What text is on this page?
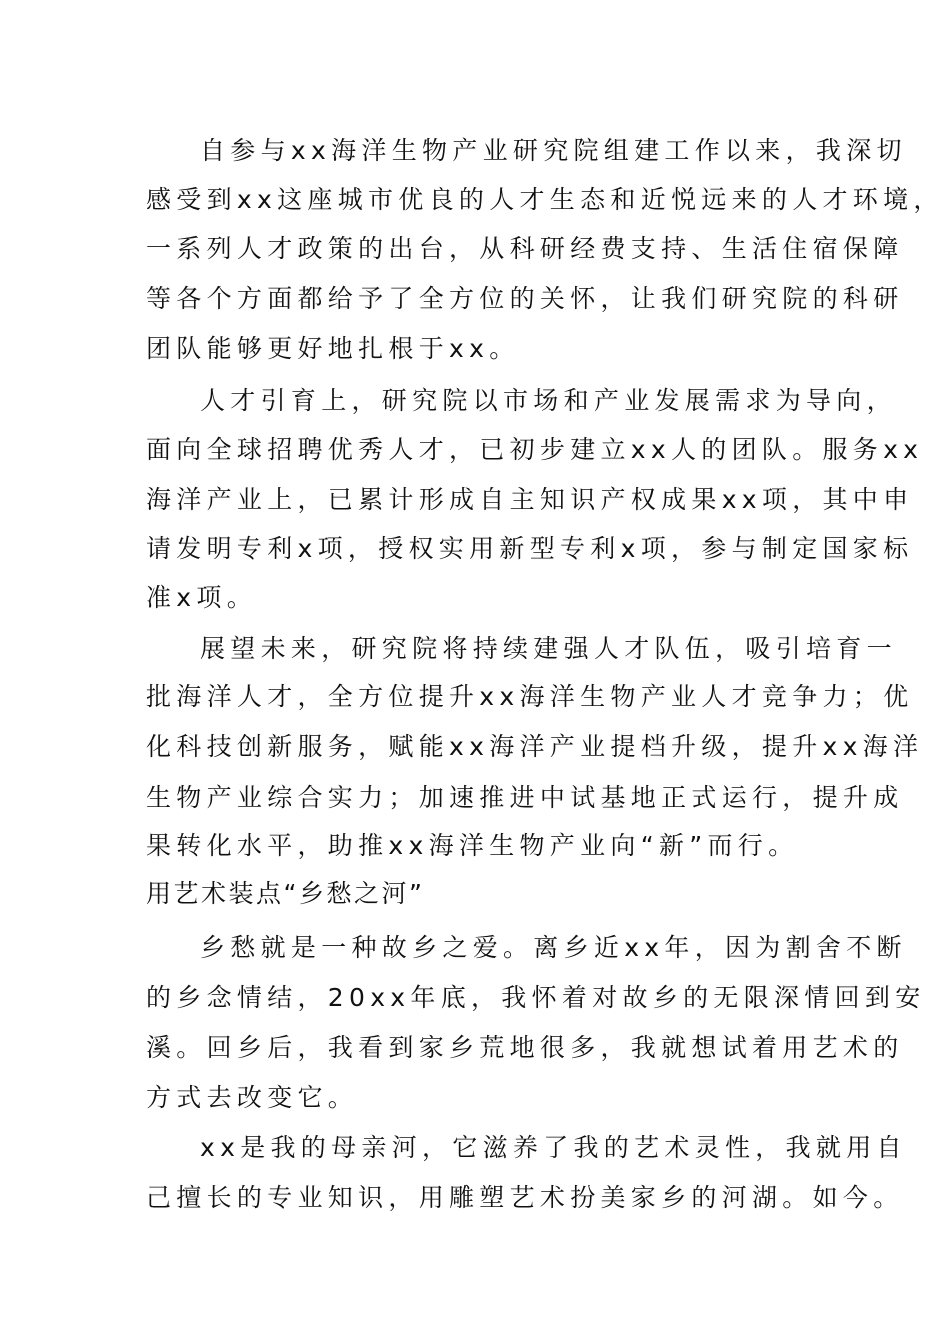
自参与xx海洋生物产业研究院组建工作以来，我深切
感受到xx这座城市优良的人才生态和近悦远来的人才环境，
一系列人才政策的出台，从科研经费支持、生活住宿保障
等各个方面都给予了全方位的关怀，让我们研究院的科研
团队能够更好地扎根于xx。
人才引育上，研究院以市场和产业发展需求为导向，
面向全球招聘优秀人才，已初步建立xx人的团队。服务xx
海洋产业上，已累计形成自主知识产权成果xx项，其中申
请发明专利x项，授权实用新型专利x项，参与制定国家标
准x项。
展望未来，研究院将持续建强人才队伍，吸引培育一
批海洋人才，全方位提升xx海洋生物产业人才竞争力；优
化科技创新服务，赋能xx海洋产业提档升级，提升xx海洋
生物产业综合实力；加速推进中试基地正式运行，提升成
果转化水平，助推xx海洋生物产业向“新”而行。
用艺术装点“乡愁之河”
乡愁就是一种故乡之爱。离乡近xx年，因为割舍不断
的乡念情结，20xx年底，我怀着对故乡的无限深情回到安
溪。回乡后，我看到家乡荒地很多，我就想试着用艺术的
方式去改变它。
xx是我的母亲河，它滋养了我的艺术灵性，我就用自
己擅长的专业知识，用雕塑艺术扮美家乡的河湖。如今。
